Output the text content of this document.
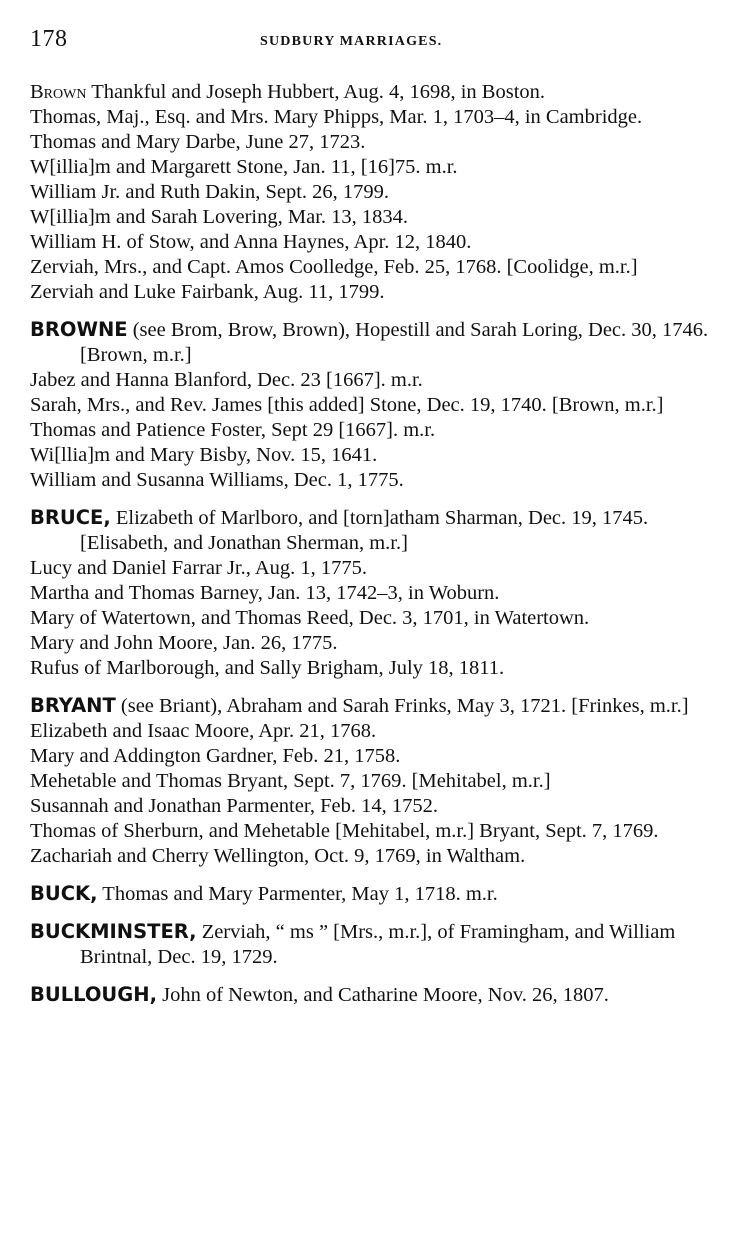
178	SUDBURY MARRIAGES.

Brown Thankful and Joseph Hubbert, Aug. 4, 1698, in Boston.

Thomas, Maj., Esq. and Mrs. Mary Phipps, Mar. 1, 1703–4, in Cambridge.

Thomas and Mary Darbe, June 27, 1723.

W[illia]m and Margarett Stone, Jan. 11, [16]75. m.r.

William Jr. and Ruth Dakin, Sept. 26, 1799.

W[illia]m and Sarah Lovering, Mar. 13, 1834.

William H. of Stow, and Anna Haynes, Apr. 12, 1840.

Zerviah, Mrs., and Capt. Amos Coolledge, Feb. 25, 1768. [Coolidge, m.r.]

Zerviah and Luke Fairbank, Aug. 11, 1799.

BROWNE (see Brom, Brow, Brown), Hopestill and Sarah Loring, Dec. 30, 1746. [Brown, m.r.]

Jabez and Hanna Blanford, Dec. 23 [1667]. m.r.

Sarah, Mrs., and Rev. James [this added] Stone, Dec. 19, 1740. [Brown, m.r.]

Thomas and Patience Foster, Sept 29 [1667]. m.r.

Wi[llia]m and Mary Bisby, Nov. 15, 1641.

William and Susanna Williams, Dec. 1, 1775.

BRUCE, Elizabeth of Marlboro, and [torn]atham Sharman, Dec. 19, 1745. [Elisabeth, and Jonathan Sherman, m.r.]

Lucy and Daniel Farrar Jr., Aug. 1, 1775.

Martha and Thomas Barney, Jan. 13, 1742–3, in Woburn.

Mary of Watertown, and Thomas Reed, Dec. 3, 1701, in Watertown.

Mary and John Moore, Jan. 26, 1775.

Rufus of Marlborough, and Sally Brigham, July 18, 1811.

BRYANT (see Briant), Abraham and Sarah Frinks, May 3, 1721. [Frinkes, m.r.]

Elizabeth and Isaac Moore, Apr. 21, 1768.

Mary and Addington Gardner, Feb. 21, 1758.

Mehetable and Thomas Bryant, Sept. 7, 1769. [Mehitabel, m.r.]

Susannah and Jonathan Parmenter, Feb. 14, 1752.

Thomas of Sherburn, and Mehetable [Mehitabel, m.r.] Bryant, Sept. 7, 1769.

Zachariah and Cherry Wellington, Oct. 9, 1769, in Waltham.

BUCK, Thomas and Mary Parmenter, May 1, 1718. m.r.

BUCKMINSTER, Zerviah, “ ms ” [Mrs., m.r.], of Framingham, and William Brintnal, Dec. 19, 1729.

BULLOUGH, John of Newton, and Catharine Moore, Nov. 26, 1807.
